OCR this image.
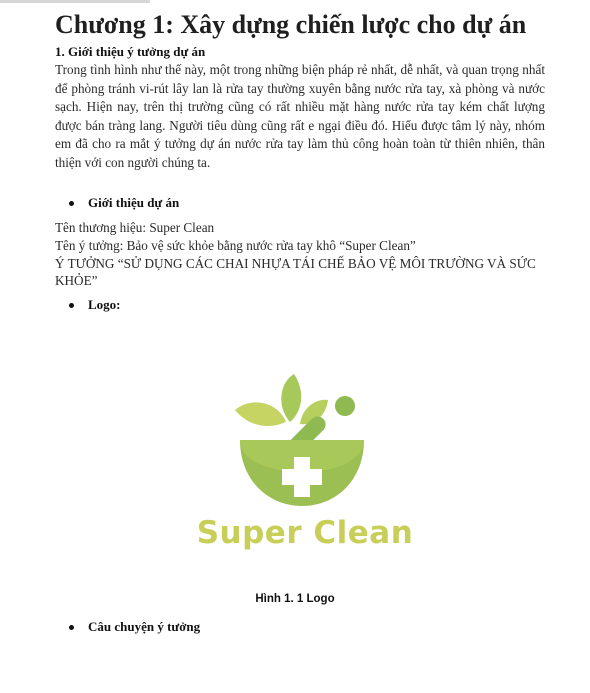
Chương 1: Xây dựng chiến lược cho dự án

1. Giới thiệu ý tưởng dự án

Trong tình hình như thế này, một trong những biện pháp rẻ nhất, dễ nhất, và quan trọng nhất để phòng tránh vi-rút lây lan là rửa tay thường xuyên bằng nước rửa tay, xà phòng và nước sạch. Hiện nay, trên thị trường cũng có rất nhiều mặt hàng nước rửa tay kém chất lượng được bán tràng lang. Người tiêu dùng cũng rất e ngại điều đó. Hiểu được tâm lý này, nhóm em đã cho ra mắt ý tưởng dự án nước rửa tay làm thủ công hoàn toàn từ thiên nhiên, thân thiện với con người chúng ta.

Giới thiệu dự án

Tên thương hiệu: Super Clean

Tên ý tưởng: Bảo vệ sức khỏe bằng nước rửa tay khô “Super Clean”

Ý TƯỞNG “SỬ DỤNG CÁC CHAI NHỰA TÁI CHẾ BẢO VỆ MÔI TRƯỜNG VÀ SỨC KHỎE”

Logo:

Super Clean

Hình 1. 1 Logo

Câu chuyện ý tưởng
